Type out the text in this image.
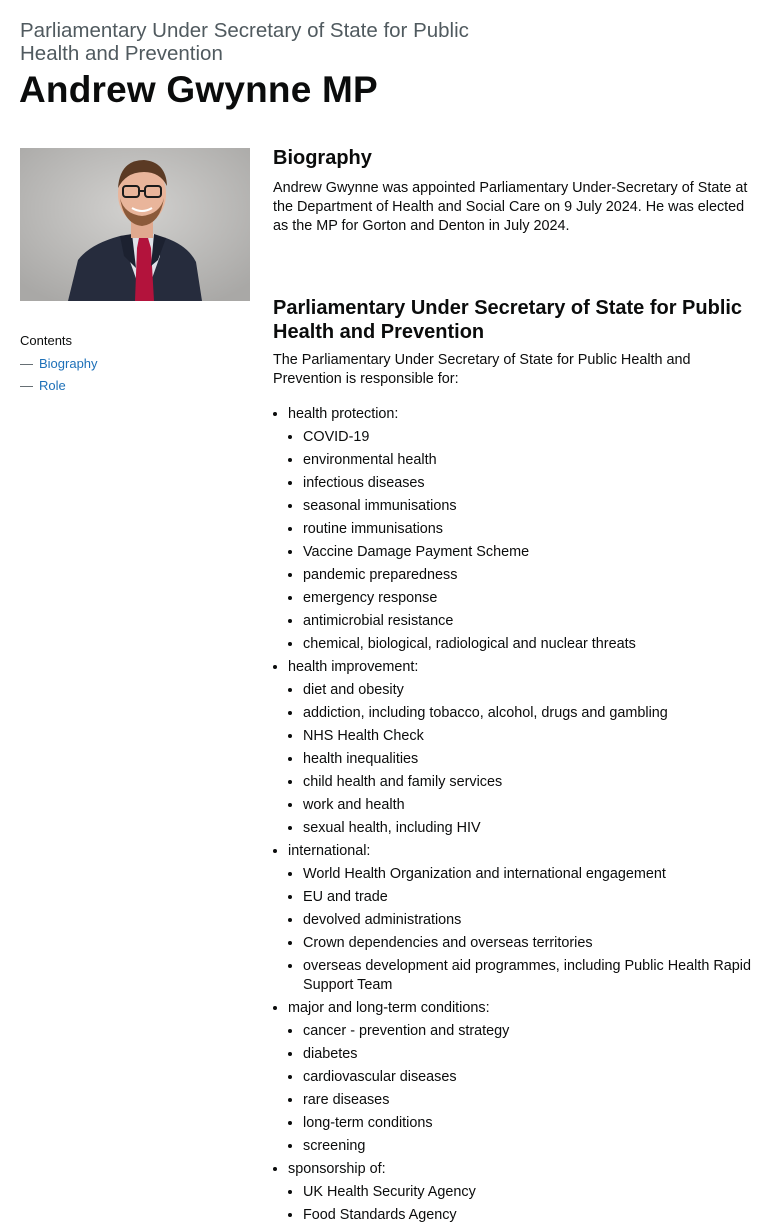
Parliamentary Under Secretary of State for Public Health and Prevention

Andrew Gwynne MP
Contents
— Biography
— Role
Biography

Andrew Gwynne was appointed Parliamentary Under-Secretary of State at the Department of Health and Social Care on 9 July 2024. He was elected as the MP for Gorton and Denton in July 2024.

Parliamentary Under Secretary of State for Public Health and Prevention

The Parliamentary Under Secretary of State for Public Health and Prevention is responsible for:

• health protection:
• COVID-19
• environmental health
• infectious diseases
• seasonal immunisations
• routine immunisations
• Vaccine Damage Payment Scheme
• pandemic preparedness
• emergency response
• antimicrobial resistance
• chemical, biological, radiological and nuclear threats
• health improvement:
• diet and obesity
• addiction, including tobacco, alcohol, drugs and gambling
• NHS Health Check
• health inequalities
• child health and family services
• work and health
• sexual health, including HIV
• international:
• World Health Organization and international engagement
• EU and trade
• devolved administrations
• Crown dependencies and overseas territories
• overseas development aid programmes, including Public Health Rapid Support Team
• major and long-term conditions:
• cancer - prevention and strategy
• diabetes
• cardiovascular diseases
• rare diseases
• long-term conditions
• screening
• sponsorship of:
• UK Health Security Agency
• Food Standards Agency
